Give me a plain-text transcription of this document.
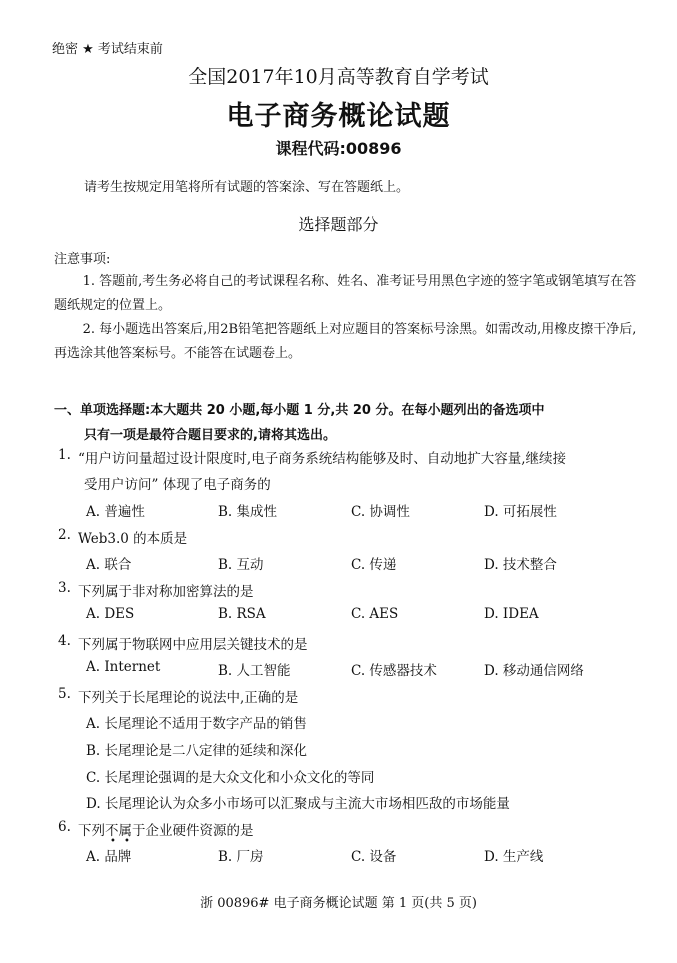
绝密 ★ 考试结束前
全国2017年10月高等教育自学考试
电子商务概论试题
课程代码:00896
请考生按规定用笔将所有试题的答案涂、写在答题纸上。
选择题部分
注意事项:
1. 答题前,考生务必将自己的考试课程名称、姓名、准考证号用黑色字迹的签字笔或钢笔填写在答题纸规定的位置上。
2. 每小题选出答案后,用2B铅笔把答题纸上对应题目的答案标号涂黑。如需改动,用橡皮擦干净后,再选涂其他答案标号。不能答在试题卷上。
一、单项选择题:本大题共 20 小题,每小题 1 分,共 20 分。在每小题列出的备选项中
只有一项是最符合题目要求的,请将其选出。
1. “用户访问量超过设计限度时,电子商务系统结构能够及时、自动地扩大容量,继续接
受用户访问” 体现了电子商务的
A. 普遍性	B. 集成性	C. 协调性	D. 可拓展性
2. Web3.0 的本质是
A. 联合	B. 互动	C. 传递	D. 技术整合
3. 下列属于非对称加密算法的是
A. DES	B. RSA	C. AES	D. IDEA
4. 下列属于物联网中应用层关键技术的是
A. Internet	B. 人工智能	C. 传感器技术	D. 移动通信网络
5. 下列关于长尾理论的说法中,正确的是
A. 长尾理论不适用于数字产品的销售
B. 长尾理论是二八定律的延续和深化
C. 长尾理论强调的是大众文化和小众文化的等同
D. 长尾理论认为众多小市场可以汇聚成与主流大市场相匹敌的市场能量
6. 下列不属于企业硬件资源的是
• •
A. 品牌	B. 厂房	C. 设备	D. 生产线
浙 00896# 电子商务概论试题 第 1 页(共 5 页)
